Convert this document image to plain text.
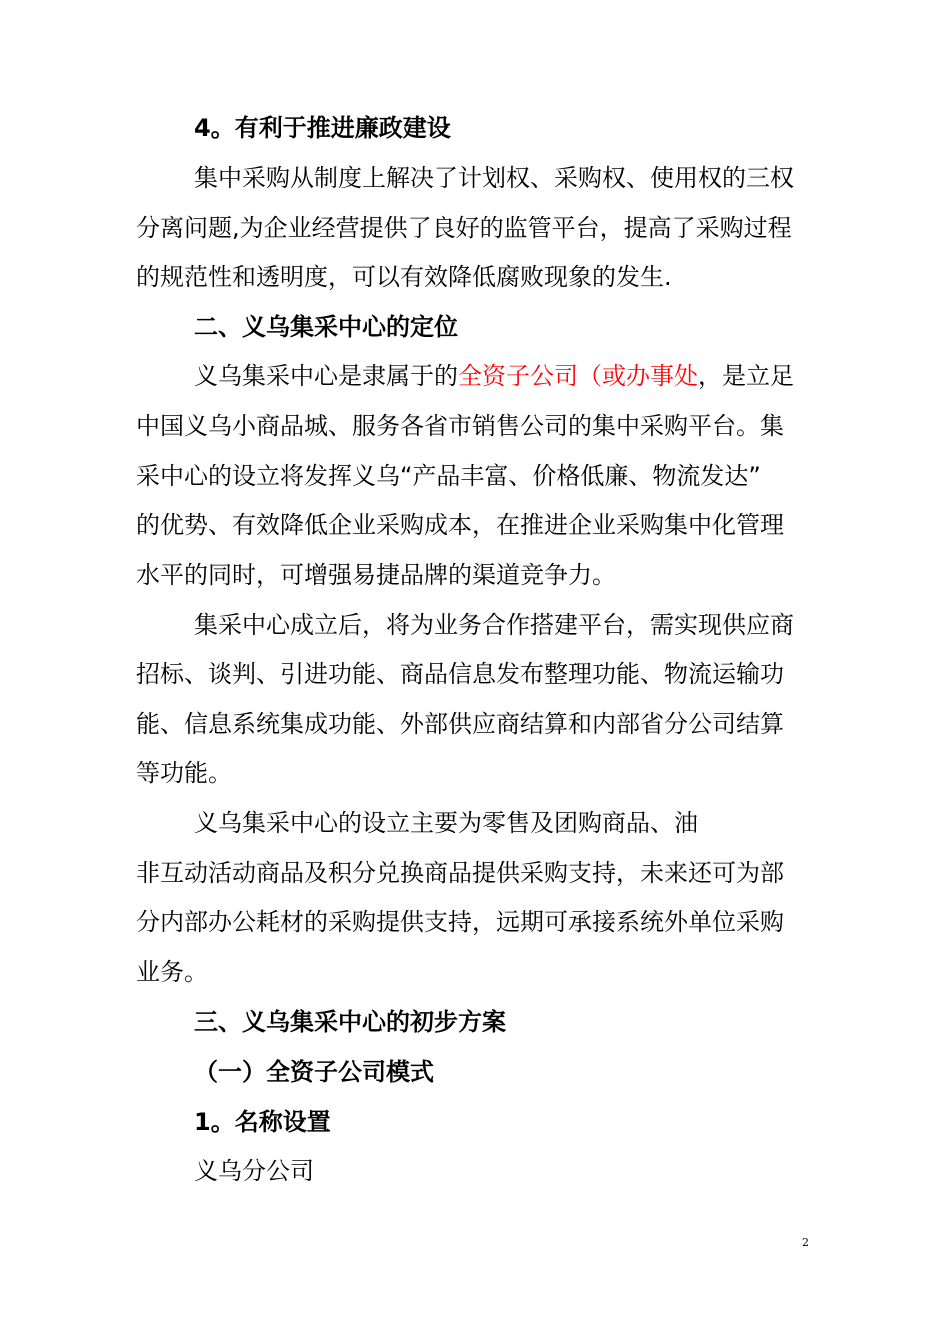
4。有利于推进廉政建设
集中采购从制度上解决了计划权、采购权、使用权的三权
分离问题,为企业经营提供了良好的监管平台，提高了采购过程
的规范性和透明度，可以有效降低腐败现象的发生.
二、义乌集采中心的定位
义乌集采中心是隶属于的全资子公司（或办事处，是立足
中国义乌小商品城、服务各省市销售公司的集中采购平台。集
采中心的设立将发挥义乌“产品丰富、价格低廉、物流发达”
的优势、有效降低企业采购成本，在推进企业采购集中化管理
水平的同时，可增强易捷品牌的渠道竞争力。
集采中心成立后，将为业务合作搭建平台，需实现供应商
招标、谈判、引进功能、商品信息发布整理功能、物流运输功
能、信息系统集成功能、外部供应商结算和内部省分公司结算
等功能。
义乌集采中心的设立主要为零售及团购商品、油
非互动活动商品及积分兑换商品提供采购支持，未来还可为部
分内部办公耗材的采购提供支持，远期可承接系统外单位采购
业务。
三、义乌集采中心的初步方案
（一）全资子公司模式
1。名称设置
义乌分公司
2
